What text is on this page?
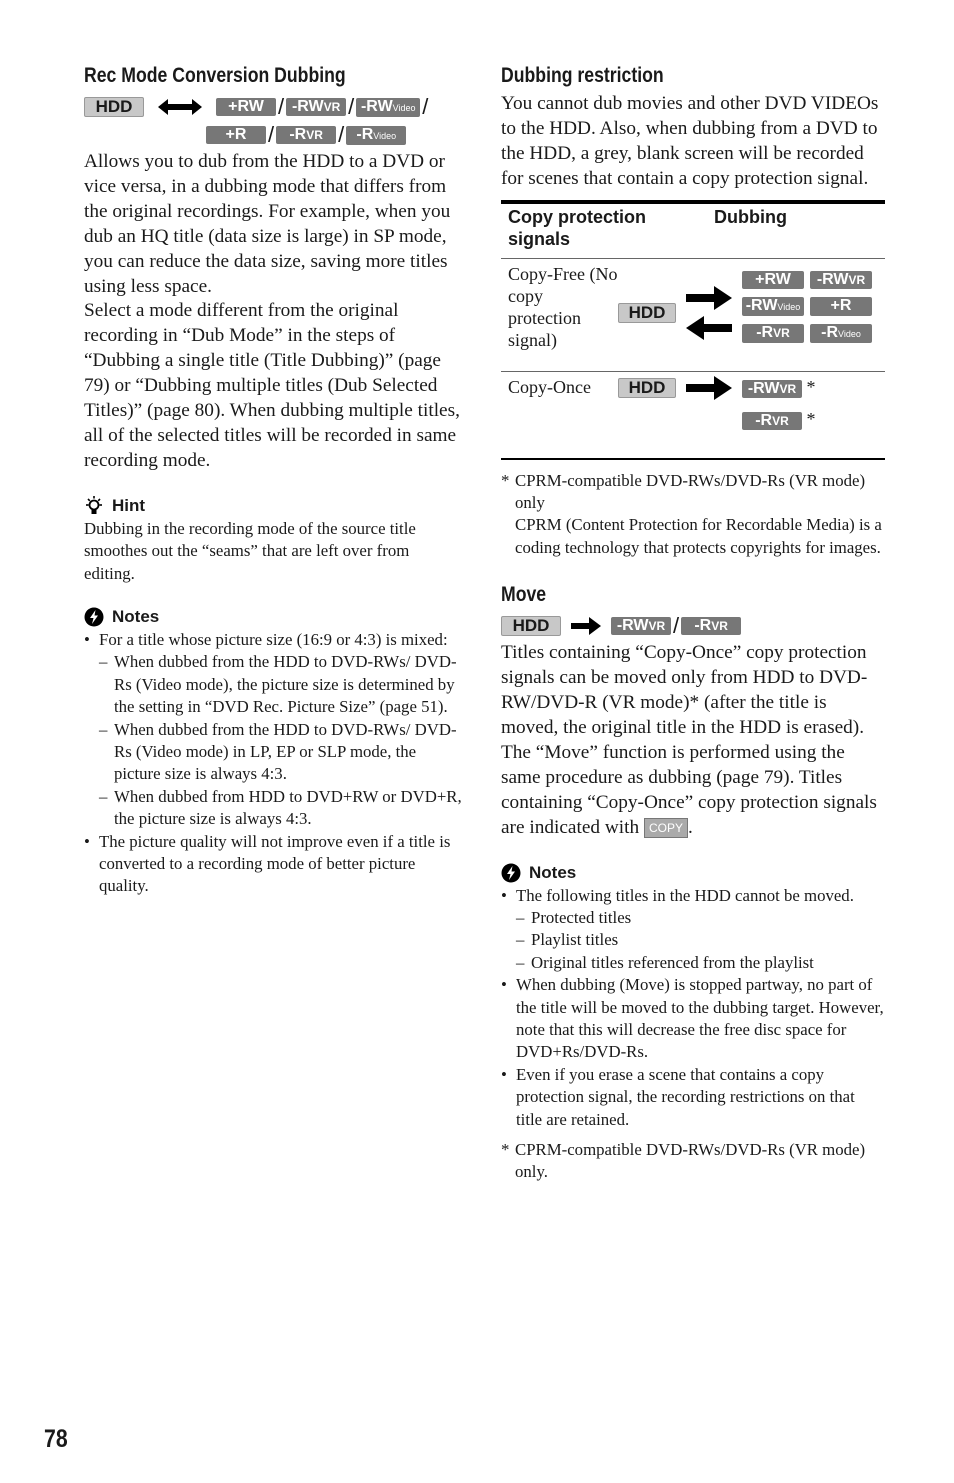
Rec Mode Conversion Dubbing
HDD	+RW / -RWVR / -RWVideo /
+R / -RVR / -RVideo

Allows you to dub from the HDD to a DVD or vice versa, in a dubbing mode that differs from the original recordings. For example, when you dub an HQ title (data size is large) in SP mode, you can reduce the data size, saving more titles using less space.

Select a mode different from the original recording in “Dub Mode” in the steps of “Dubbing a single title (Title Dubbing)” (page 79) or “Dubbing multiple titles (Dub Selected Titles)” (page 80). When dubbing multiple titles, all of the selected titles will be recorded in same recording mode.

Hint

Dubbing in the recording mode of the source title smoothes out the “seams” that are left over from editing.

Notes
• For a title whose picture size (16:9 or 4:3) is mixed:
– When dubbed from the HDD to DVD-RWs/ DVD-Rs (Video mode), the picture size is determined by the setting in “DVD Rec. Picture Size” (page 51).
– When dubbed from the HDD to DVD-RWs/ DVD-Rs (Video mode) in LP, EP or SLP mode, the picture size is always 4:3.
– When dubbed from HDD to DVD+RW or DVD+R, the picture size is always 4:3.
• The picture quality will not improve even if a title is converted to a recording mode of better picture quality.
Dubbing restriction

You cannot dub movies and other DVD VIDEOs to the HDD. Also, when dubbing from a DVD to the HDD, a grey, blank screen will be recorded for scenes that contain a copy protection signal.

Copy protection signals	Dubbing

Copy-Free (No copy protection signal)
HDD
+RW	-RWVR
-RWVideo	+R
-RVR	-RVideo

Copy-Once	HDD	-RWVR *
-RVR *

* CPRM-compatible DVD-RWs/DVD-Rs (VR mode) only

CPRM (Content Protection for Recordable Media) is a coding technology that protects copyrights for images.

Move
HDD	-RWVR / -RVR

Titles containing “Copy-Once” copy protection signals can be moved only from HDD to DVD-RW/DVD-R (VR mode)* (after the title is moved, the original title in the HDD is erased). The “Move” function is performed using the same procedure as dubbing (page 79). Titles containing “Copy-Once” copy protection signals are indicated with COPY .

Notes
• The following titles in the HDD cannot be moved.
– Protected titles
– Playlist titles
– Original titles referenced from the playlist
• When dubbing (Move) is stopped partway, no part of the title will be moved to the dubbing target. However, note that this will decrease the free disc space for DVD+Rs/DVD-Rs.
• Even if you erase a scene that contains a copy protection signal, the recording restrictions on that title are retained.

* CPRM-compatible DVD-RWs/DVD-Rs (VR mode) only.

78
